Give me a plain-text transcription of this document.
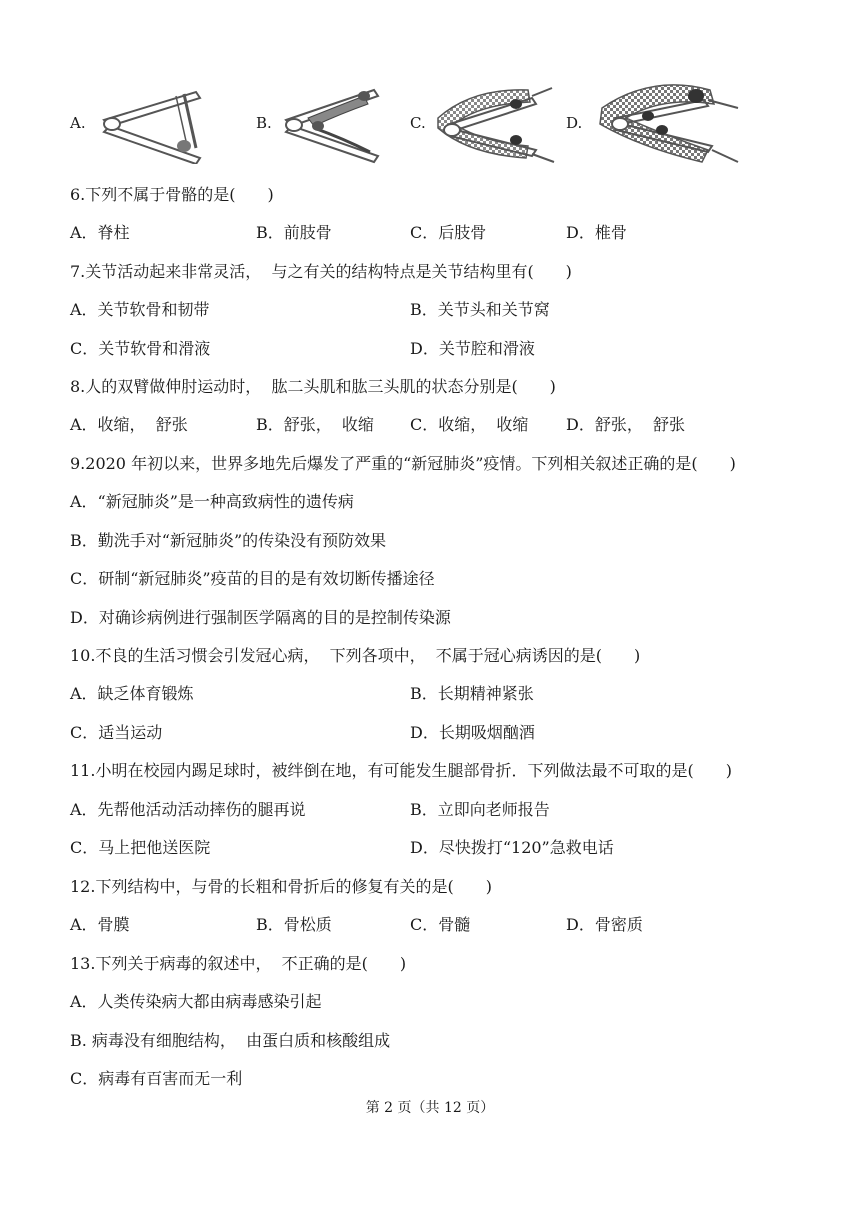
A.	B.	C.	D.
6.下列不属于骨骼的是(　　)
A．脊柱	B．前肢骨	C．后肢骨	D．椎骨
7.关节活动起来非常灵活，  与之有关的结构特点是关节结构里有(　　)
A．关节软骨和韧带	B．关节头和关节窝
C．关节软骨和滑液	D．关节腔和滑液
8.人的双臂做伸肘运动时，  肱二头肌和肱三头肌的状态分别是(　　)
A．收缩，  舒张	B．舒张，  收缩 C．收缩，  收缩 D．舒张，  舒张
9.2020 年初以来，世界多地先后爆发了严重的“新冠肺炎”疫情。下列相关叙述正确的是(　　)
A．“新冠肺炎”是一种高致病性的遗传病
B．勤洗手对“新冠肺炎”的传染没有预防效果
C．研制“新冠肺炎”疫苗的目的是有效切断传播途径
D．对确诊病例进行强制医学隔离的目的是控制传染源
10.不良的生活习惯会引发冠心病，  下列各项中，  不属于冠心病诱因的是(　　)
A．缺乏体育锻炼	B．长期精神紧张
C．适当运动	D．长期吸烟酗酒
11.小明在校园内踢足球时，被绊倒在地，有可能发生腿部骨折．下列做法最不可取的是(　　)
A．先帮他活动活动摔伤的腿再说	B．立即向老师报告
C．马上把他送医院	D．尽快拨打“120”急救电话
12.下列结构中，与骨的长粗和骨折后的修复有关的是(　　)
A．骨膜	B．骨松质	C．骨髓	D．骨密质
13.下列关于病毒的叙述中，  不正确的是(　　)
A．人类传染病大都由病毒感染引起
B. 病毒没有细胞结构，  由蛋白质和核酸组成
C．病毒有百害而无一利
第 2 页（共 12 页）
